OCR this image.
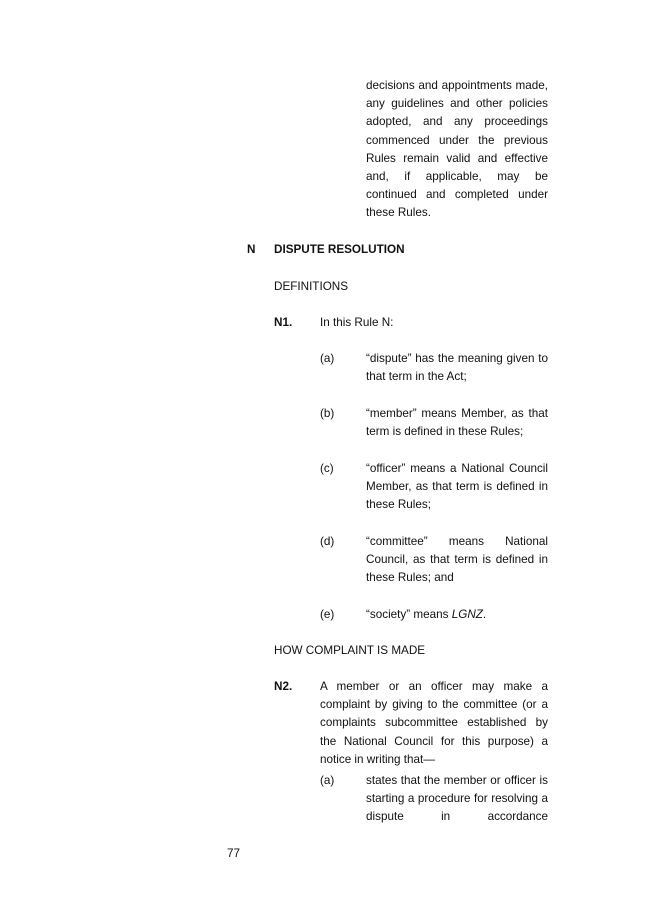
decisions and appointments made, any guidelines and other policies adopted, and any proceedings commenced under the previous Rules remain valid and effective and, if applicable, may be continued and completed under these Rules.
N DISPUTE RESOLUTION
DEFINITIONS
N1. In this Rule N:
(a)	“dispute” has the meaning given to that term in the Act;
(b)	“member” means Member, as that term is defined in these Rules;
(c)	“officer” means a National Council Member, as that term is defined in these Rules;
(d)	“committee” means National Council, as that term is defined in these Rules; and
(e)	“society” means LGNZ.
HOW COMPLAINT IS MADE
N2. A member or an officer may make a complaint by giving to the committee (or a complaints subcommittee established by the National Council for this purpose) a notice in writing that—
(a)	states that the member or officer is starting a procedure for resolving a dispute in accordance
77
